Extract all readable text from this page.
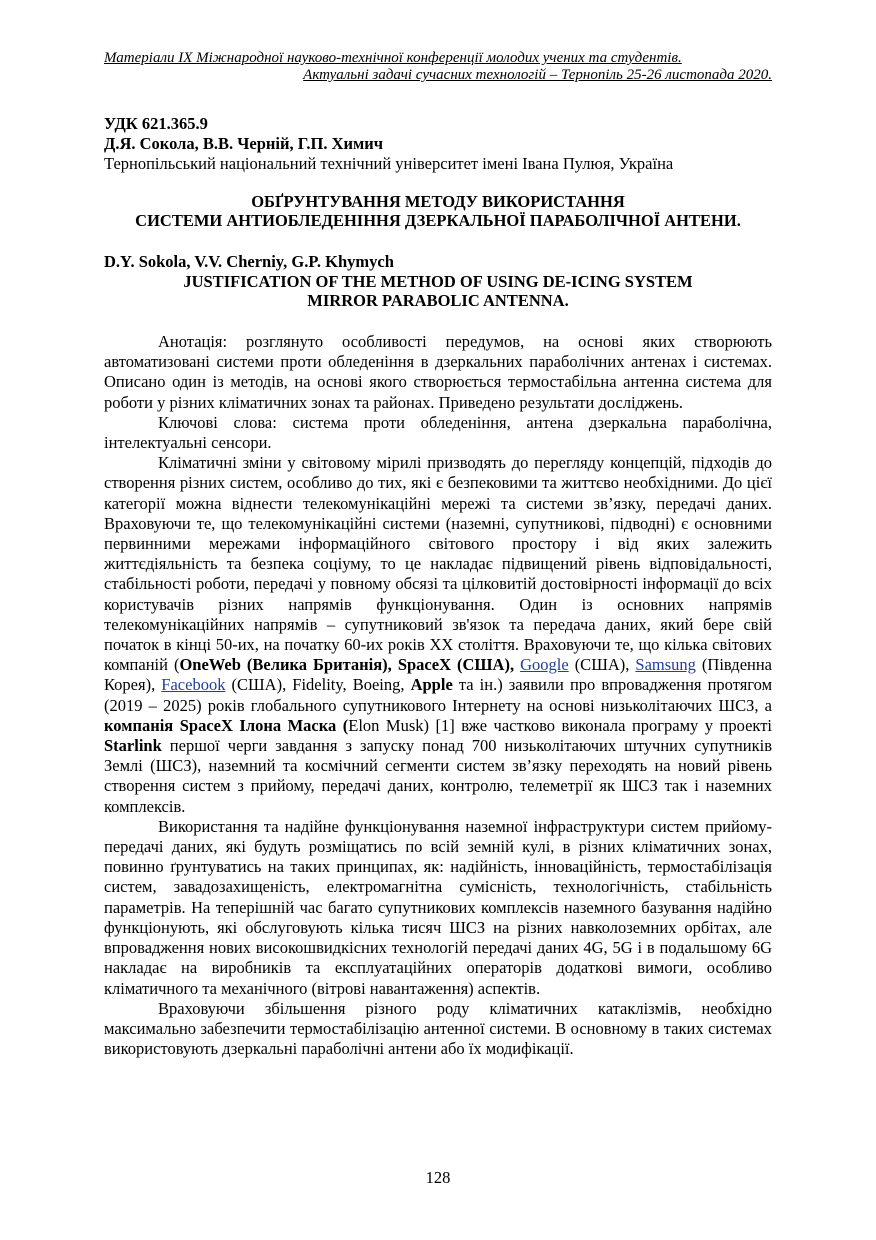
Матеріали IX Міжнародної науково-технічної конференції молодих учених та студентів.

Актуальні задачі сучасних технологій – Тернопіль 25-26 листопада 2020.

УДК 621.365.9
Д.Я. Сокола, В.В. Черній, Г.П. Химич
Тернопільський національний технічний університет імені Івана Пулюя, Україна
ОБҐРУНТУВАННЯ МЕТОДУ ВИКОРИСТАННЯ
СИСТЕМИ АНТИОБЛЕДЕНІННЯ ДЗЕРКАЛЬНОЇ ПАРАБОЛІЧНОЇ АНТЕНИ.
D.Y. Sokola, V.V. Cherniy, G.P. Khymych
JUSTIFICATION OF THE METHOD OF USING DE-ICING SYSTEM
MIRROR PARABOLIC ANTENNA.

Анотація: розглянуто особливості передумов, на основі яких створюють автоматизовані системи проти обледеніння в дзеркальних параболічних антенах і системах. Описано один із методів, на основі якого створюється термостабільна антенна система для роботи у різних кліматичних зонах та районах. Приведено результати досліджень.

Ключові слова: система проти обледеніння, антена дзеркальна параболічна, інтелектуальні сенсори.

Кліматичні зміни у світовому мірилі призводять до перегляду концепцій, підходів до створення різних систем, особливо до тих, які є безпековими та життєво необхідними. До цієї категорії можна віднести телекомунікаційні мережі та системи зв’язку, передачі даних. Враховуючи те, що телекомунікаційні системи (наземні, супутникові, підводні) є основними первинними мережами інформаційного світового простору і від яких залежить життєдіяльність та безпека соціуму, то це накладає підвищений рівень відповідальності, стабільності роботи, передачі у повному обсязі та цілковитій достовірності інформації до всіх користувачів різних напрямів функціонування. Один із основних напрямів телекомунікаційних напрямів – супутниковий зв'язок та передача даних, який бере свій початок в кінці 50-их, на початку 60-их років XX століття. Враховуючи те, що кілька світових компаній (OneWeb (Велика Британія), SpaceX (США), Google (США), Samsung (Південна Корея), Facebook (США), Fidelity, Boeing, Apple та ін.) заявили про впровадження протягом (2019 – 2025) років глобального супутникового Інтернету на основі низьколітаючих ШСЗ, а компанія SpaceX Ілона Маска (Elon Musk) [1] вже частково виконала програму у проекті Starlink першої черги завдання з запуску понад 700 низьколітаючих штучних супутників Землі (ШСЗ), наземний та космічний сегменти систем зв’язку переходять на новий рівень створення систем з прийому, передачі даних, контролю, телеметрії як ШСЗ так і наземних комплексів.

Використання та надійне функціонування наземної інфраструктури систем прийому-передачі даних, які будуть розміщатись по всій земній кулі, в різних кліматичних зонах, повинно ґрунтуватись на таких принципах, як: надійність, інноваційність, термостабілізація систем, завадозахищеність, електромагнітна сумісність, технологічність, стабільність параметрів. На теперішній час багато супутникових комплексів наземного базування надійно функціонують, які обслуговують кілька тисяч ШСЗ на різних навколоземних орбітах, але впровадження нових високошвидкісних технологій передачі даних 4G, 5G і в подальшому 6G накладає на виробників та експлуатаційних операторів додаткові вимоги, особливо кліматичного та механічного (вітрові навантаження) аспектів.

Враховуючи збільшення різного роду кліматичних катаклізмів, необхідно максимально забезпечити термостабілізацію антенної системи. В основному в таких системах використовують дзеркальні параболічні антени або їх модифікації.

128
